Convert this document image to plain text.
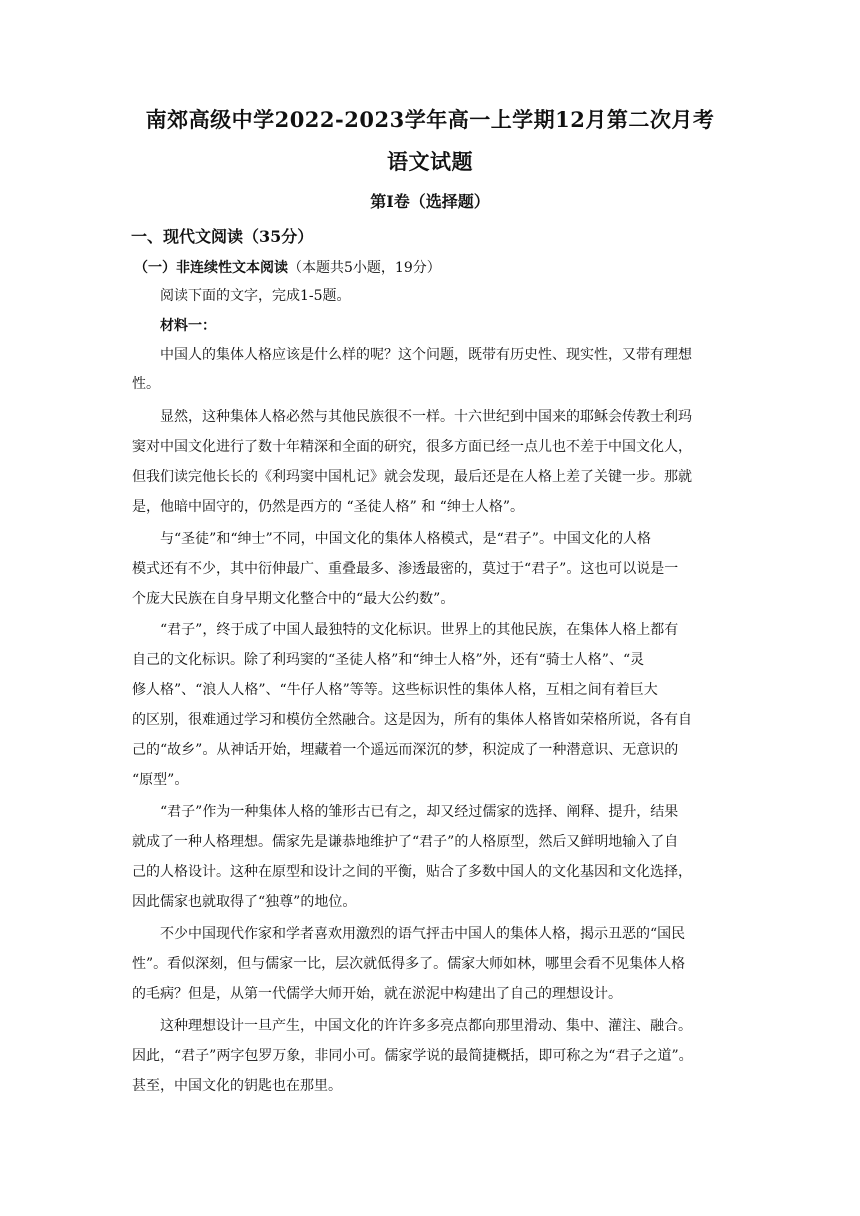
南郊高级中学2022-2023学年高一上学期12月第二次月考
语文试题
第Ⅰ卷（选择题）
一、现代文阅读（35分）
（一）非连续性文本阅读（本题共5小题，19分）
阅读下面的文字，完成1-5题。
材料一：
中国人的集体人格应该是什么样的呢？这个问题，既带有历史性、现实性，又带有理想
性。
显然，这种集体人格必然与其他民族很不一样。十六世纪到中国来的耶稣会传教士利玛
窦对中国文化进行了数十年精深和全面的研究，很多方面已经一点儿也不差于中国文化人，
但我们读完他长长的《利玛窦中国札记》就会发现，最后还是在人格上差了关键一步。那就
是，他暗中固守的，仍然是西方的 “圣徒人格” 和 “绅士人格”。
与“圣徒”和“绅士”不同，中国文化的集体人格模式，是“君子”。中国文化的人格
模式还有不少，其中衍伸最广、重叠最多、渗透最密的，莫过于“君子”。这也可以说是一
个庞大民族在自身早期文化整合中的“最大公约数”。
“君子”，终于成了中国人最独特的文化标识。世界上的其他民族，在集体人格上都有
自己的文化标识。除了利玛窦的“圣徒人格”和“绅士人格”外，还有“骑士人格”、“灵
修人格”、“浪人人格”、“牛仔人格”等等。这些标识性的集体人格，互相之间有着巨大
的区别，很难通过学习和模仿全然融合。这是因为，所有的集体人格皆如荣格所说，各有自
己的“故乡”。从神话开始，埋藏着一个遥远而深沉的梦，积淀成了一种潜意识、无意识的
“原型”。
“君子”作为一种集体人格的雏形古已有之，却又经过儒家的选择、阐释、提升，结果
就成了一种人格理想。儒家先是谦恭地维护了“君子”的人格原型，然后又鲜明地输入了自
己的人格设计。这种在原型和设计之间的平衡，贴合了多数中国人的文化基因和文化选择，
因此儒家也就取得了“独尊”的地位。
不少中国现代作家和学者喜欢用激烈的语气抨击中国人的集体人格，揭示丑恶的“国民
性”。看似深刻，但与儒家一比，层次就低得多了。儒家大师如林，哪里会看不见集体人格
的毛病？但是，从第一代儒学大师开始，就在淤泥中构建出了自己的理想设计。
这种理想设计一旦产生，中国文化的许许多多亮点都向那里滑动、集中、灌注、融合。
因此，“君子”两字包罗万象，非同小可。儒家学说的最简捷概括，即可称之为“君子之道”。
甚至，中国文化的钥匙也在那里。
